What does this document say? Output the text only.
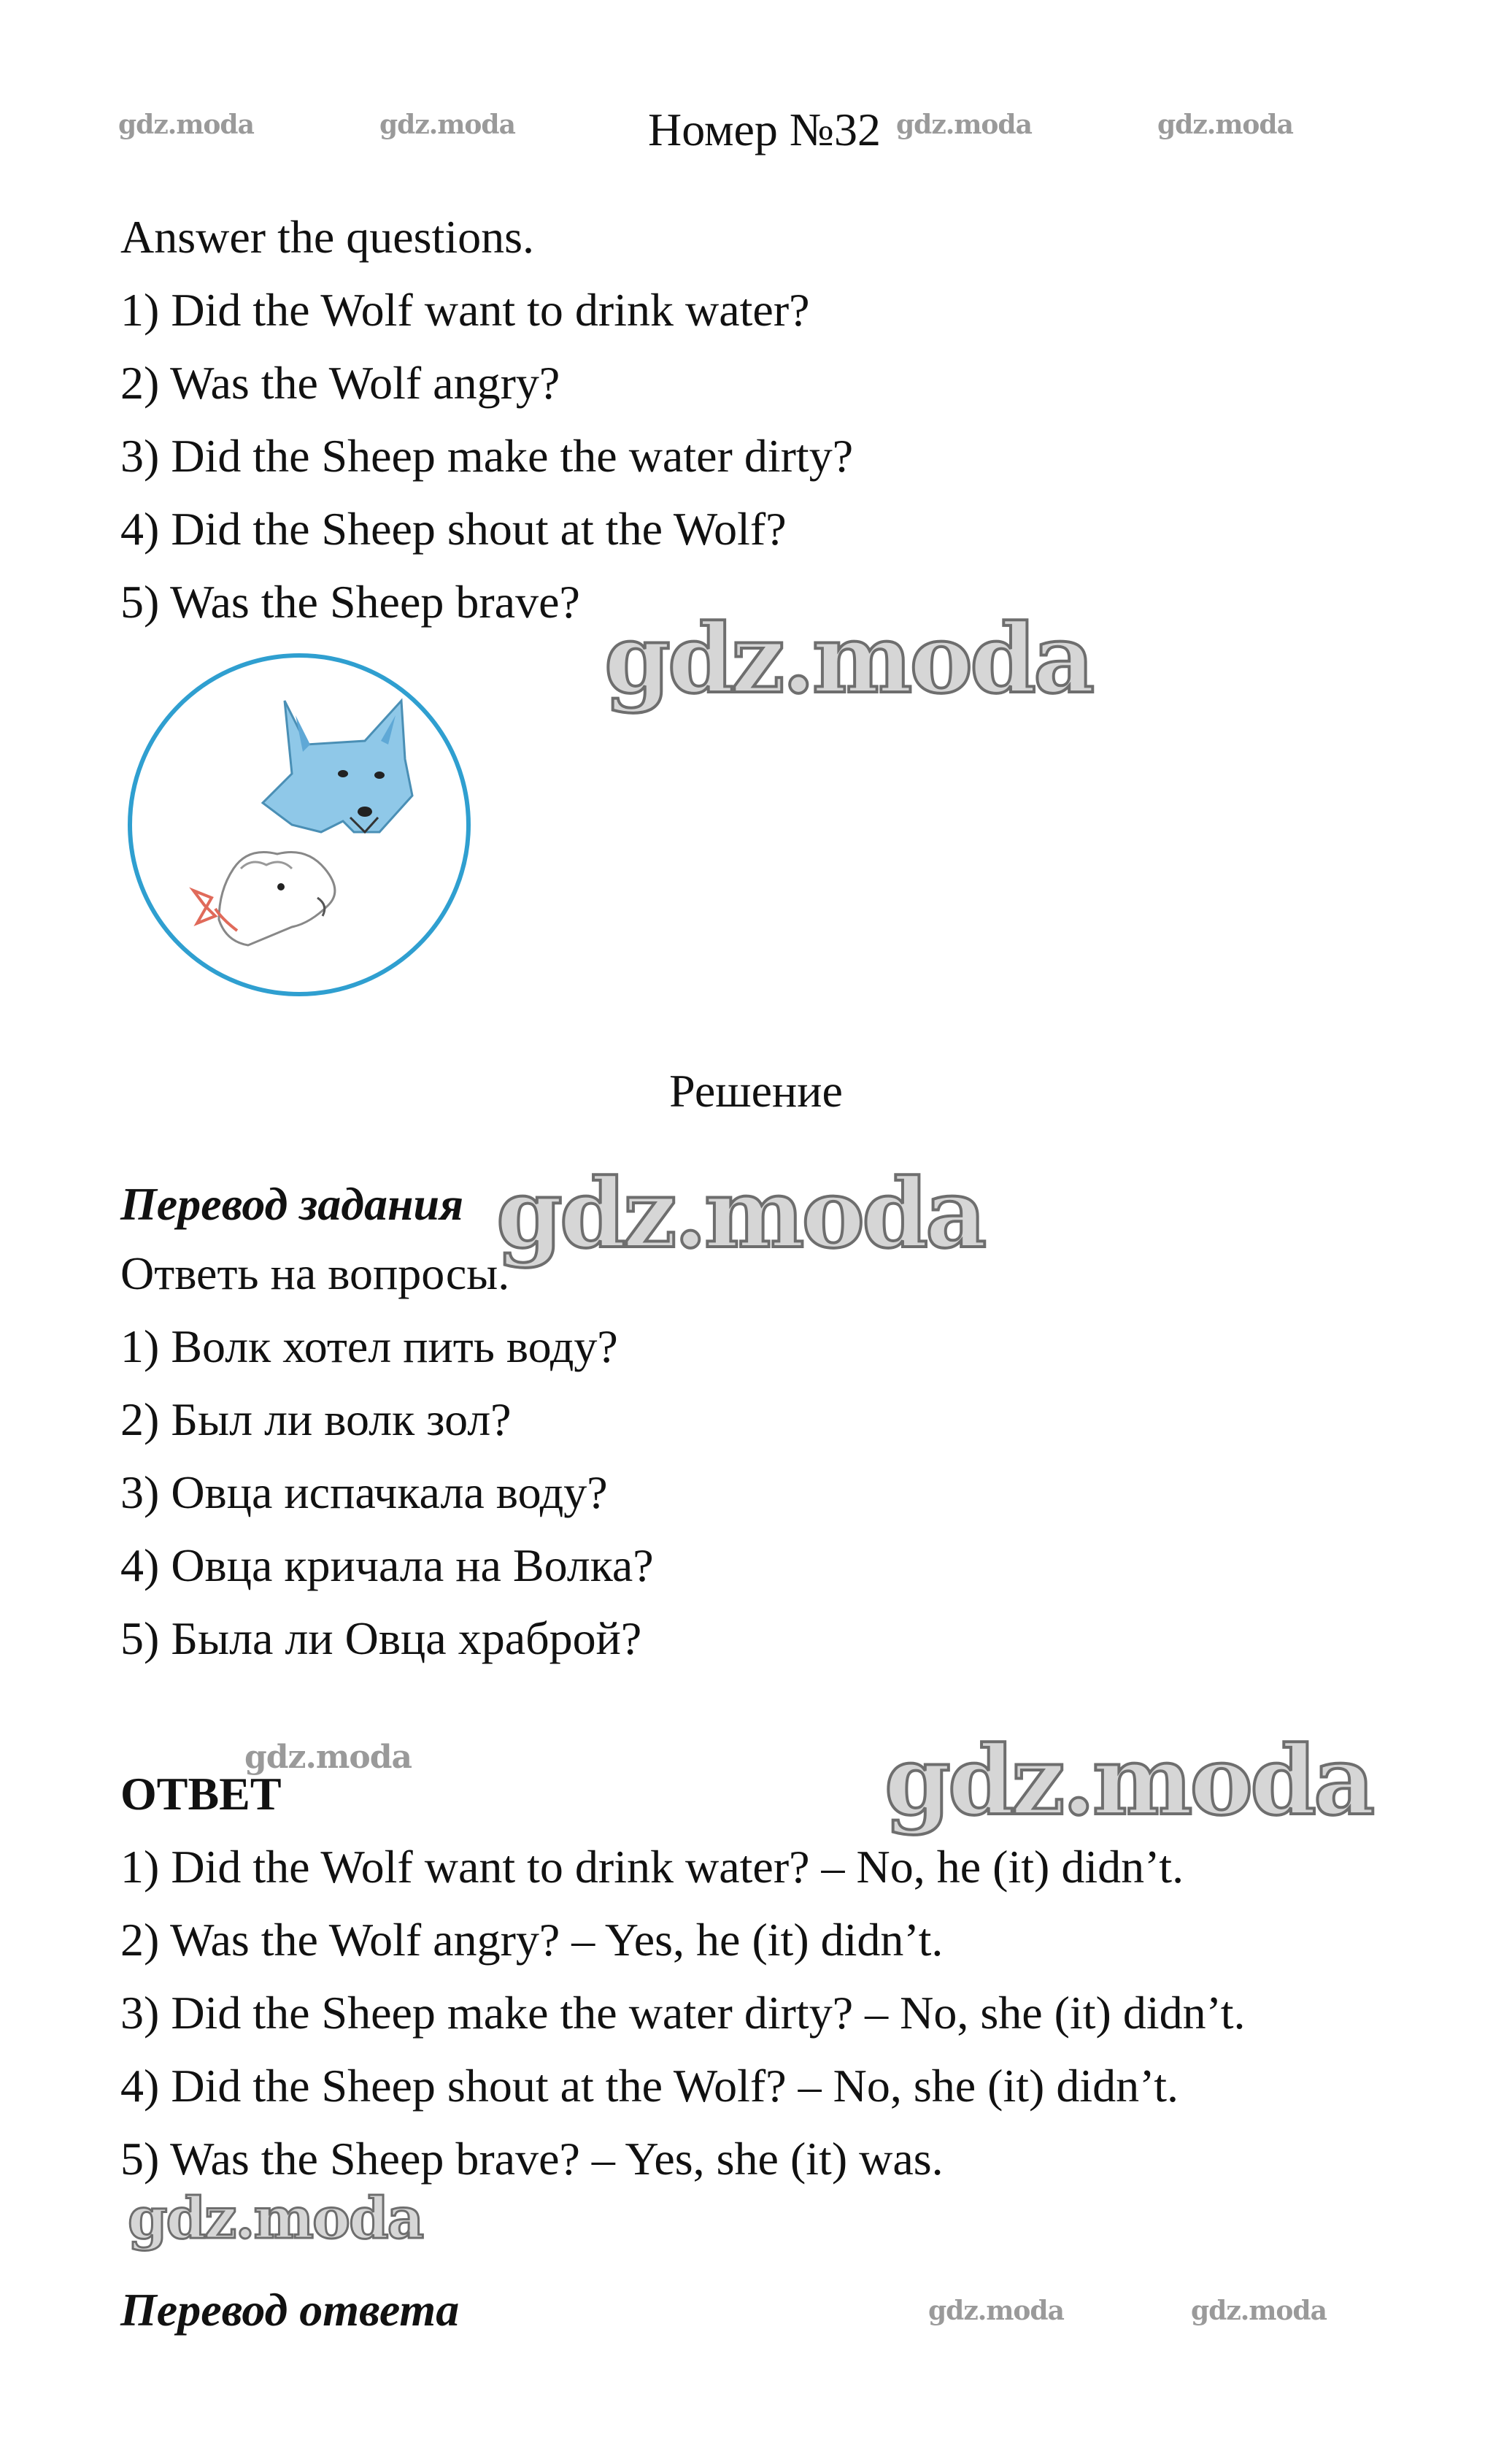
gdz.moda	gdz.moda	gdz.moda	gdz.moda
Номер №32
Answer the questions.
1) Did the Wolf want to drink water?
2) Was the Wolf angry?
3) Did the Sheep make the water dirty?
4) Did the Sheep shout at the Wolf?
5) Was the Sheep brave?
gdz.moda
Решение
Перевод задания gdz.moda
Ответь на вопросы.
1) Волк хотел пить воду?
2) Был ли волк зол?
3) Овца испачкала воду?
4) Овца кричала на Волка?
5) Была ли Овца храброй?
gdz.moda
ОТВЕТ	gdz.moda
1) Did the Wolf want to drink water? – No, he (it) didn’t.
2) Was the Wolf angry? – Yes, he (it) didn’t.
3) Did the Sheep make the water dirty? – No, she (it) didn’t.
4) Did the Sheep shout at the Wolf? – No, she (it) didn’t.
5) Was the Sheep brave? – Yes, she (it) was.
gdz.moda
Перевод ответа	gdz.moda	gdz.moda
